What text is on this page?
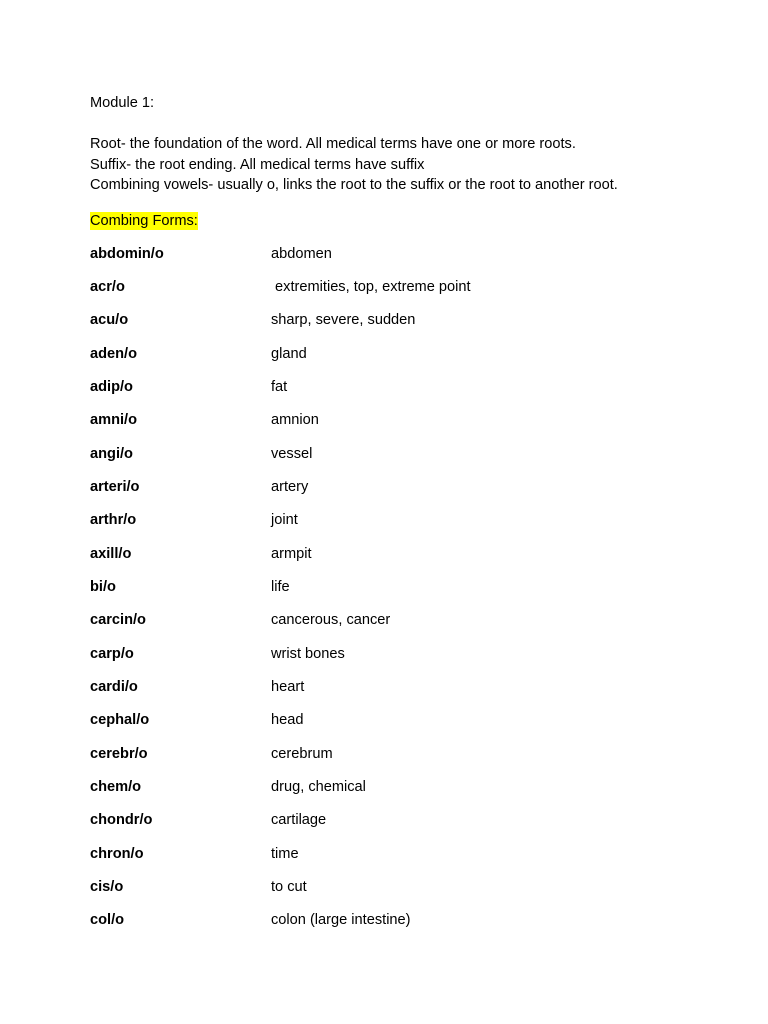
Module 1:
Root- the foundation of the word. All medical terms have one or more roots.
Suffix- the root ending. All medical terms have suffix
Combining vowels- usually o, links the root to the suffix or the root to another root.
Combing Forms:
abdomin/o	abdomen
acr/o	extremities, top, extreme point
acu/o	sharp, severe, sudden
aden/o	gland
adip/o	fat
amni/o	amnion
angi/o	vessel
arteri/o	artery
arthr/o	joint
axill/o	armpit
bi/o	life
carcin/o	cancerous, cancer
carp/o	wrist bones
cardi/o	heart
cephal/o	head
cerebr/o	cerebrum
chem/o	drug, chemical
chondr/o	cartilage
chron/o	time
cis/o	to cut
col/o	colon (large intestine)
